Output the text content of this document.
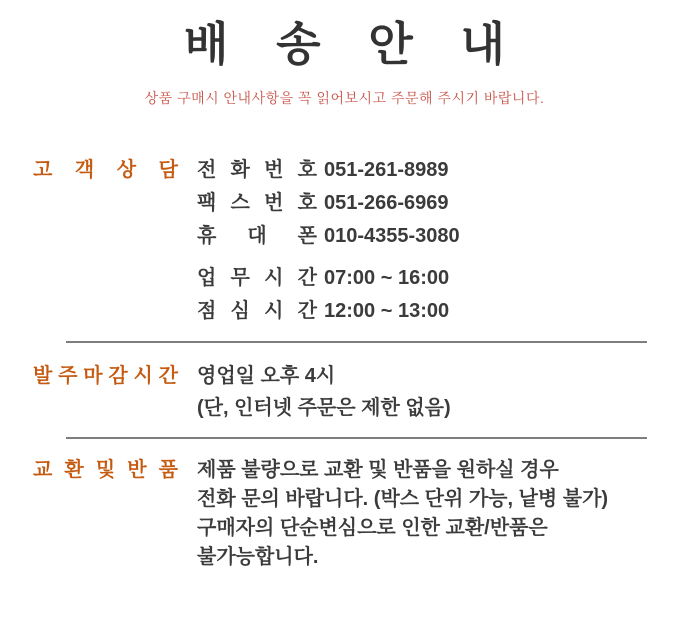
배 송 안 내
상품 구매시 안내사항을 꼭 읽어보시고 주문해 주시기 바랍니다.
고 객 상 담 전 화 번 호 051-261-8989
팩 스 번 호 051-266-6969
휴 대 폰 010-4355-3080
업 무 시 간 07:00 ~ 16:00
점 심 시 간 12:00 ~ 13:00
발 주 마 감 시 간 영업일 오후 4시
(단, 인터넷 주문은 제한 없음)
교 환 및 반 품 제품 불량으로 교환 및 반품을 원하실 경우
전화 문의 바랍니다. (박스 단위 가능, 낱병 불가)
구매자의 단순변심으로 인한 교환/반품은
불가능합니다.
